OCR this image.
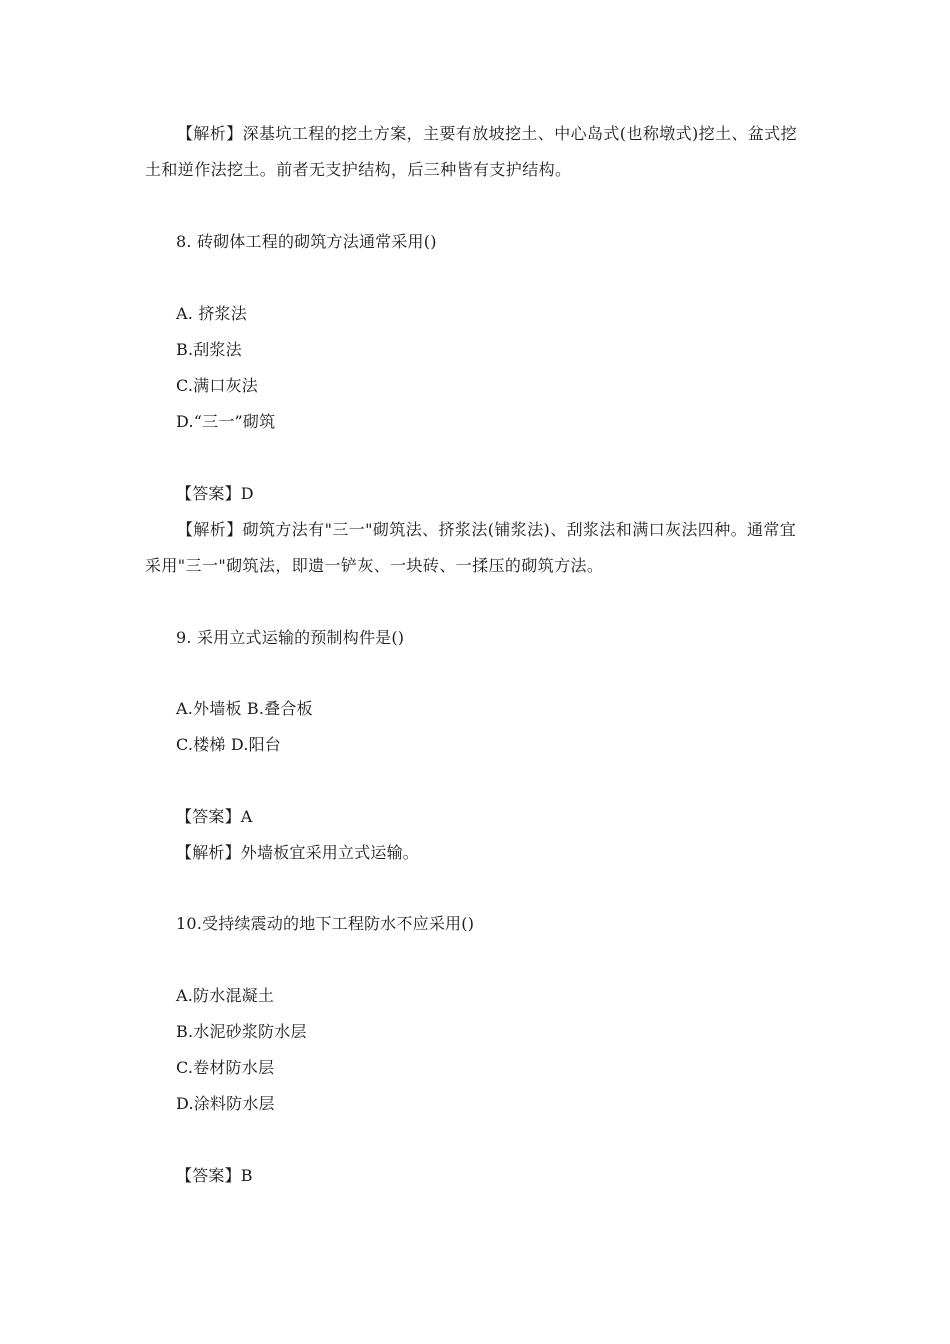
【解析】深基坑工程的挖土方案，主要有放坡挖土、中心岛式(也称墩式)挖土、盆式挖土和逆作法挖土。前者无支护结构，后三种皆有支护结构。
8. 砖砌体工程的砌筑方法通常采用()
A. 挤浆法
B.刮浆法
C.满口灰法
D.“三一”砌筑
【答案】D
【解析】砌筑方法有"三一"砌筑法、挤浆法(铺浆法)、刮浆法和满口灰法四种。通常宜采用"三一"砌筑法，即遗一铲灰、一块砖、一揉压的砌筑方法。
9. 采用立式运输的预制构件是()
A.外墙板 B.叠合板
C.楼梯 D.阳台
【答案】A
【解析】外墙板宜采用立式运输。
10.受持续震动的地下工程防水不应采用()
A.防水混凝土
B.水泥砂浆防水层
C.卷材防水层
D.涂料防水层
【答案】B
